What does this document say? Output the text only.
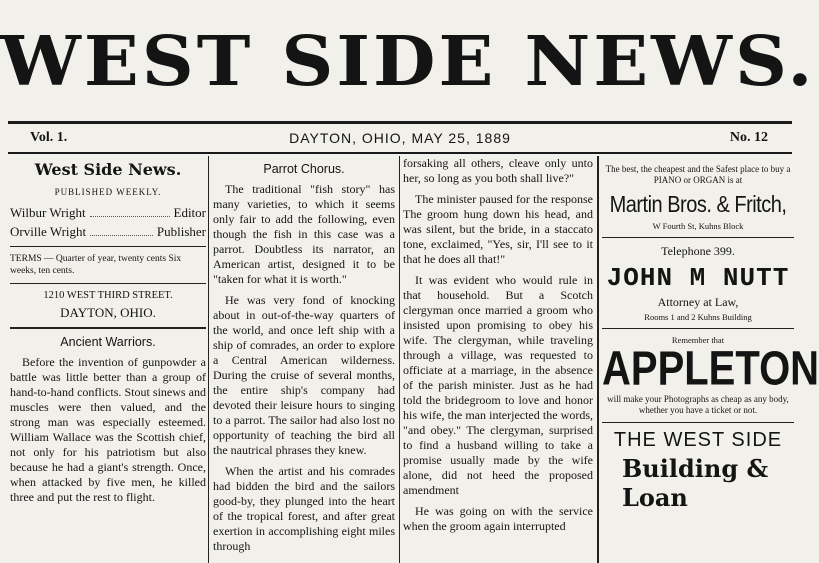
WEST SIDE NEWS.
Vol. 1.	DAYTON, OHIO, MAY 25, 1889	No. 12
West Side News.
PUBLISHED WEEKLY.
Wilbur Wright	Editor
Orville Wright	Publisher
TERMS — Quarter of year, twenty cents Six weeks, ten cents.
1210 WEST THIRD STREET.
DAYTON, OHIO.
Ancient Warriors.

Before the invention of gunpowder a battle was little better than a group of hand-to-hand conflicts. Stout sinews and muscles were then valued, and the strong man was especially esteemed. William Wallace was the Scottish chief, not only for his patriotism but also because he had a giant's strength. Once, when attacked by five men, he killed three and put the rest to flight.

Parrot Chorus.

The traditional "fish story" has many varieties, to which it seems only fair to add the following, even though the fish in this case was a parrot. Doubtless its narrator, an American artist, designed it to be "taken for what it is worth."

He was very fond of knocking about in out-of-the-way quarters of the world, and once left ship with a ship of comrades, an order to explore a Central American wilderness. During the cruise of several months, the entire ship's company had devoted their leisure hours to singing to a parrot. The sailor had also lost no opportunity of teaching the bird all the nautrical phrases they knew.

When the artist and his comrades had bidden the bird and the sailors good-by, they plunged into the heart of the tropical forest, and after great exertion in accomplishing eight miles through

forsaking all others, cleave only unto her, so long as you both shall live?"

The minister paused for the response The groom hung down his head, and was silent, but the bride, in a staccato tone, exclaimed, "Yes, sir, I'll see to it that he does all that!"

It was evident who would rule in that household. But a Scotch clergyman once married a groom who insisted upon promising to obey his wife. The clergyman, while traveling through a village, was requested to officiate at a marriage, in the absence of the parish minister. Just as he had told the bridegroom to love and honor his wife, the man interjected the words, "and obey." The clergyman, surprised to find a husband willing to take a promise usually made by the wife alone, did not heed the proposed amendment

He was going on with the service when the groom again interrupted

The best, the cheapest and the Safest place to buy a PIANO or ORGAN is at
Martin Bros. & Fritch,
W Fourth St, Kuhns Block
Telephone 399.
JOHN M NUTT
Attorney at Law,
Rooms 1 and 2 Kuhns Building
Remember that
APPLETON
will make your Photographs as cheap as any body, whether you have a ticket or not.
THE WEST SIDE
Building & Loan
